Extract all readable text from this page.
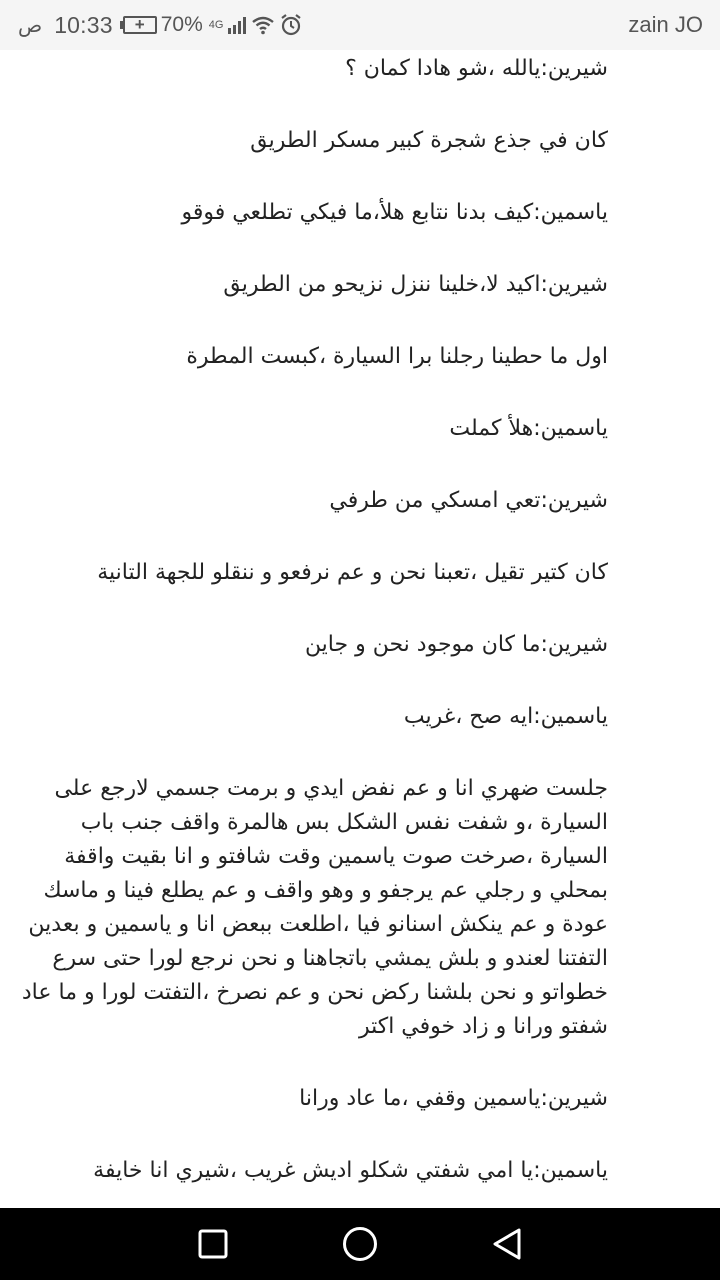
ص 10:33
+ 70% 4G	zain JO

شيرين:يالله ،شو هادا كمان ؟

كان في جذع شجرة كبير مسكر الطريق

ياسمين:كيف بدنا نتابع هلأ،ما فيكي تطلعي فوقو

شيرين:اكيد لا،خلينا ننزل نزيحو من الطريق

اول ما حطينا رجلنا برا السيارة ،كبست المطرة

ياسمين:هلأ كملت

شيرين:تعي امسكي من طرفي

كان كتير تقيل ،تعبنا نحن و عم نرفعو و ننقلو للجهة التانية

شيرين:ما كان موجود نحن و جاين

ياسمين:ايه صح ،غريب

جلست ضهري انا و عم نفض ايدي و برمت جسمي لارجع على السيارة ،و شفت نفس الشكل بس هالمرة واقف جنب باب السيارة ،صرخت صوت ياسمين وقت شافتو و انا بقيت واقفة بمحلي و رجلي عم يرجفو و وهو واقف و عم يطلع فينا و ماسك عودة و عم ينكش اسنانو فيا ،اطلعت ببعض انا و ياسمين و بعدين التفتنا لعندو و بلش يمشي باتجاهنا و نحن نرجع لورا حتى سرع خطواتو و نحن بلشنا ركض نحن و عم نصرخ ،التفتت لورا و ما عاد شفتو ورانا و زاد خوفي اكتر

شيرين:ياسمين وقفي ،ما عاد ورانا

ياسمين:يا امي شفتي شكلو اديش غريب ،شيري انا خايفة
